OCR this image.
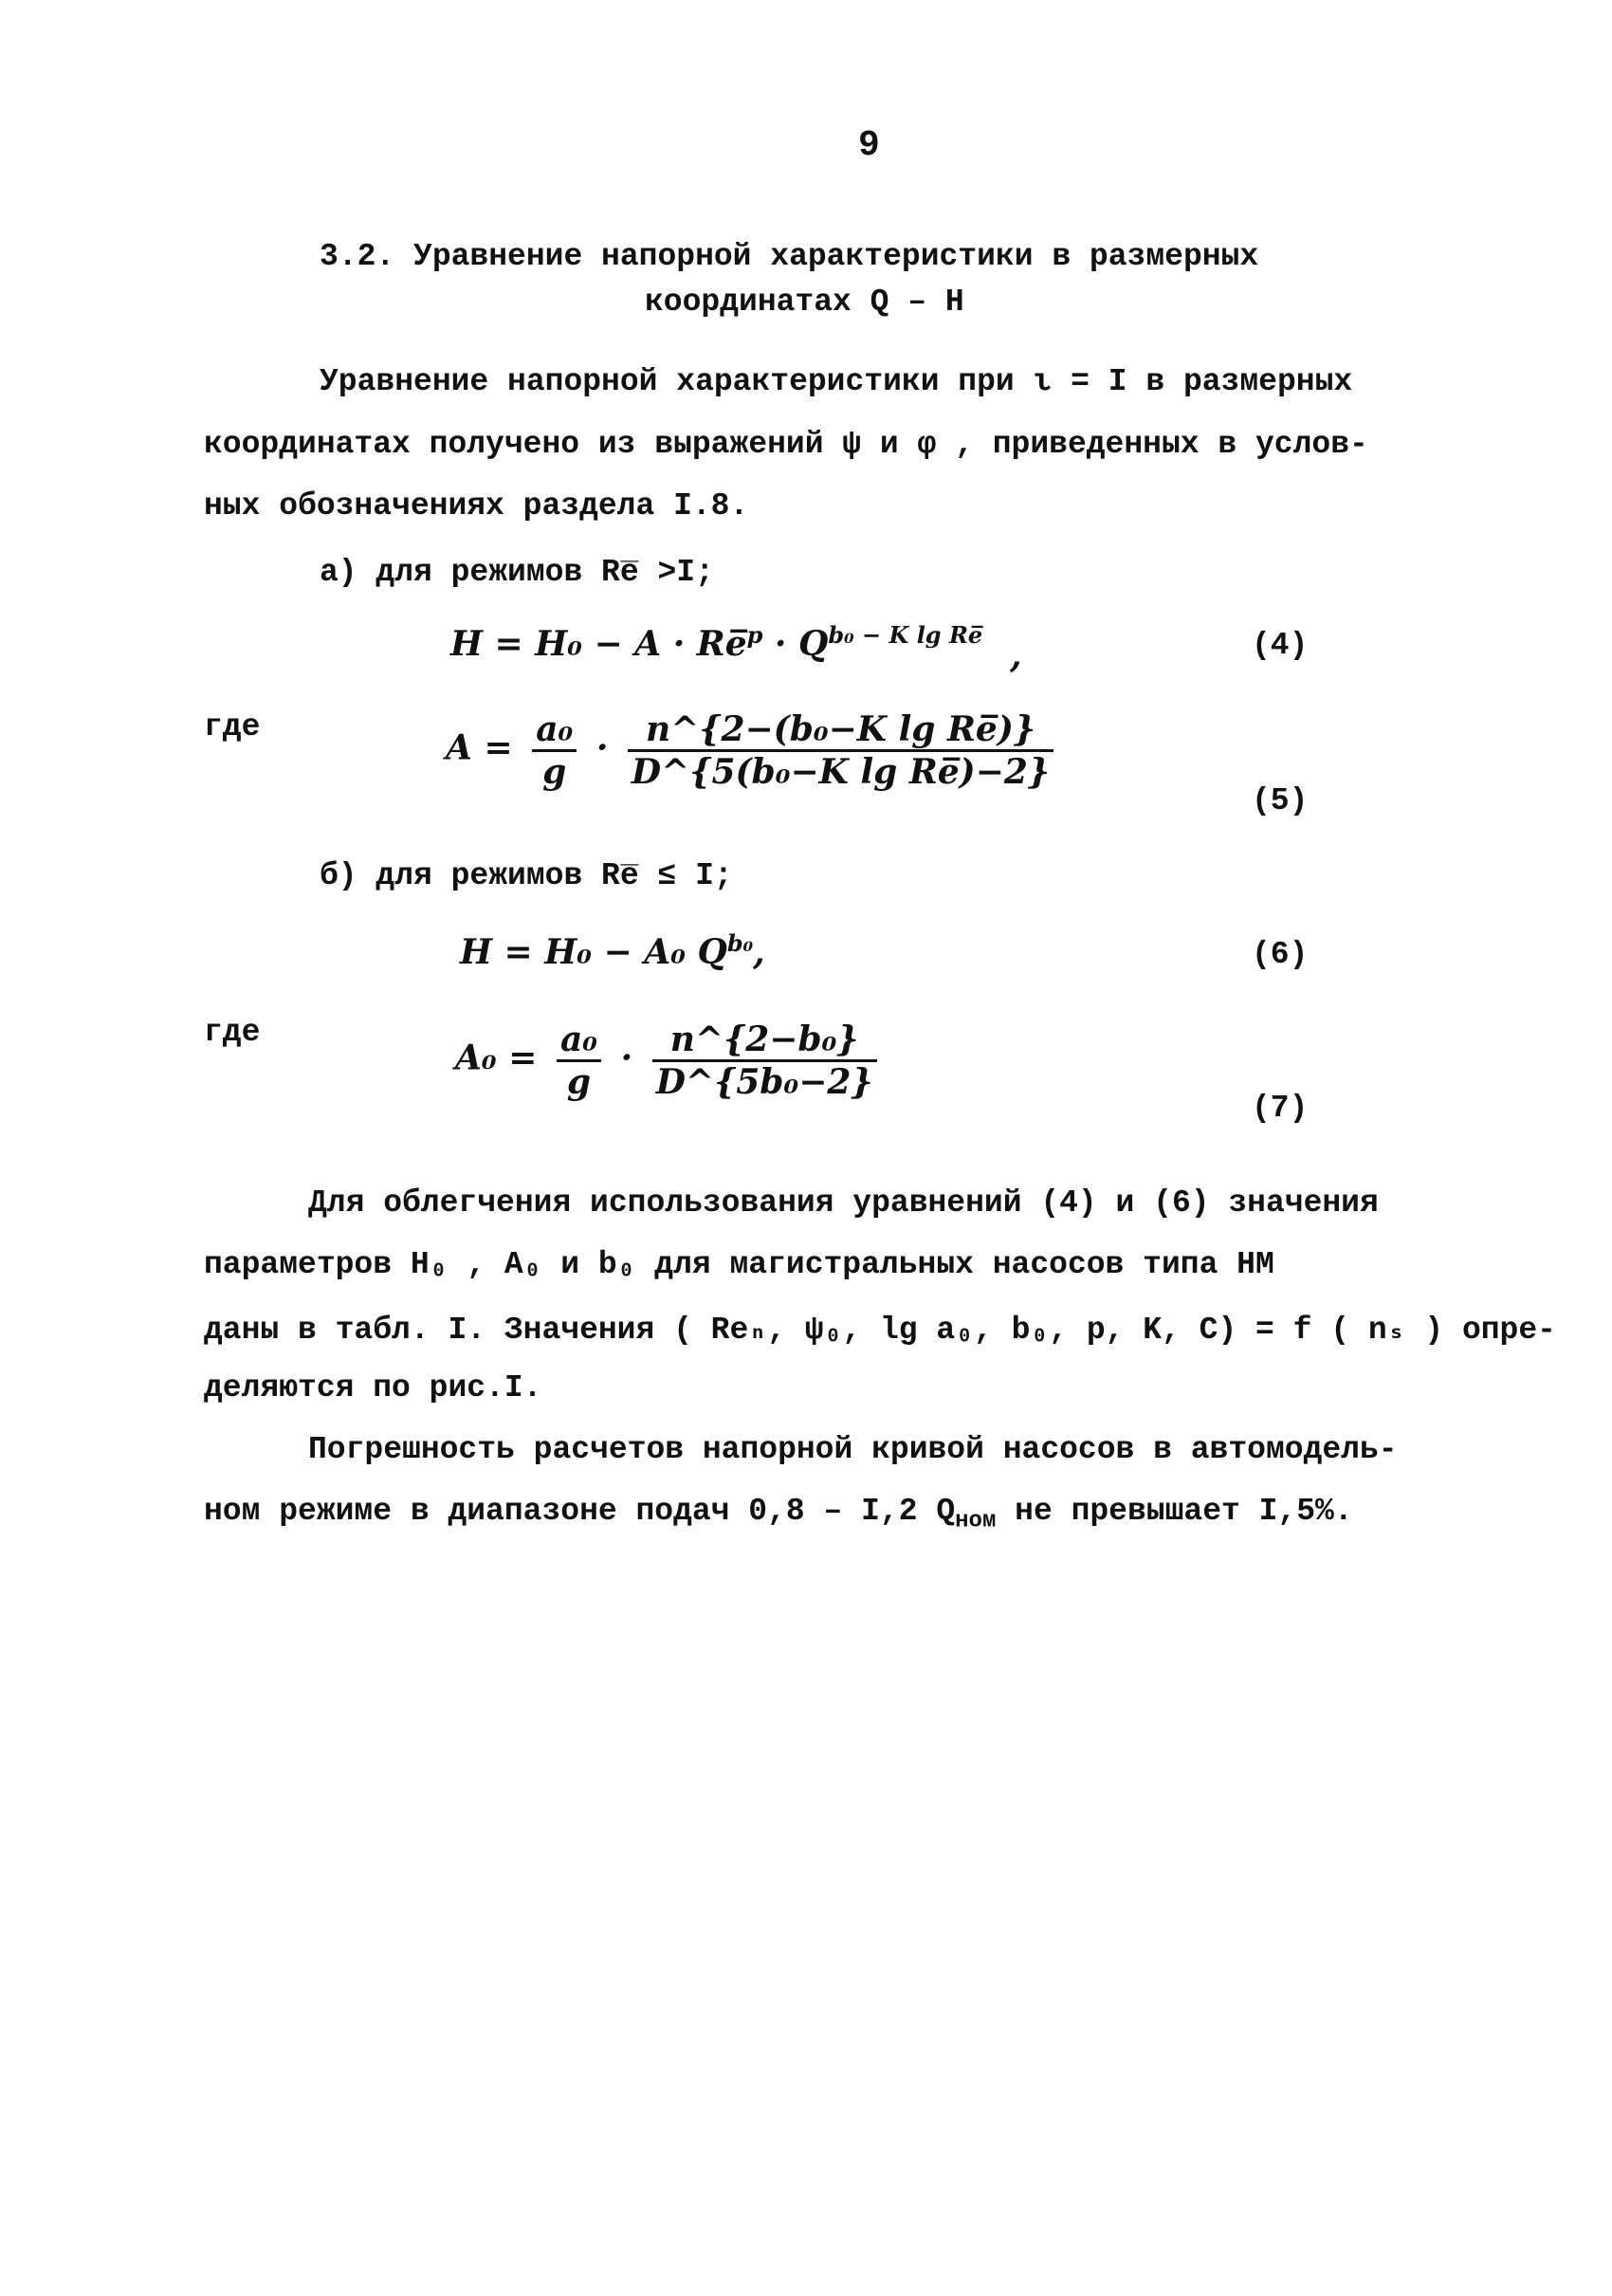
9
3.2. Уравнение напорной характеристики в размерных
координатах Q – H
Уравнение напорной характеристики при ι = I в размерных
координатах получено из выражений ψ и φ , приведенных в услов-
ных обозначениях раздела I.8.
а) для режимов Re̅ >I;
H = H₀ − A · Re̅$^p$ · $Q^{b_0 - K lg Re̅}$
,	(4)
где
$A = \frac{\text{a₀}}{g} \cdot \frac{\text{n\textasciicircum{}\{2−(b₀−K lg Re̅)\}}}{\text{D\textasciicircum{}\{5(b₀−K lg Re̅)−2\}}}$
(5)
б) для режимов Re̅ ≤ I;
H = H₀ − A₀ $Q^{b_0}$,	(6)
где
$A_0 = \frac{\text{a₀}}{g} \cdot \frac{\text{n\textasciicircum{}\{2−b₀\}}}{\text{D\textasciicircum{}\{5b₀−2\}}}$
(7)
Для облегчения использования уравнений (4) и (6) значения
параметров H₀ , A₀ и b₀ для магистральных насосов типа НМ
даны в табл. I. Значения ( Reₙ, ψ₀, lg a₀, b₀, p, K, C) = f ( nₛ ) опре-
деляются по рис.I.
Погрешность расчетов напорной кривой насосов в автомодель-
ном режиме в диапазоне подач 0,8 – I,2 $Q_{ном}$ не превышает I,5%.
